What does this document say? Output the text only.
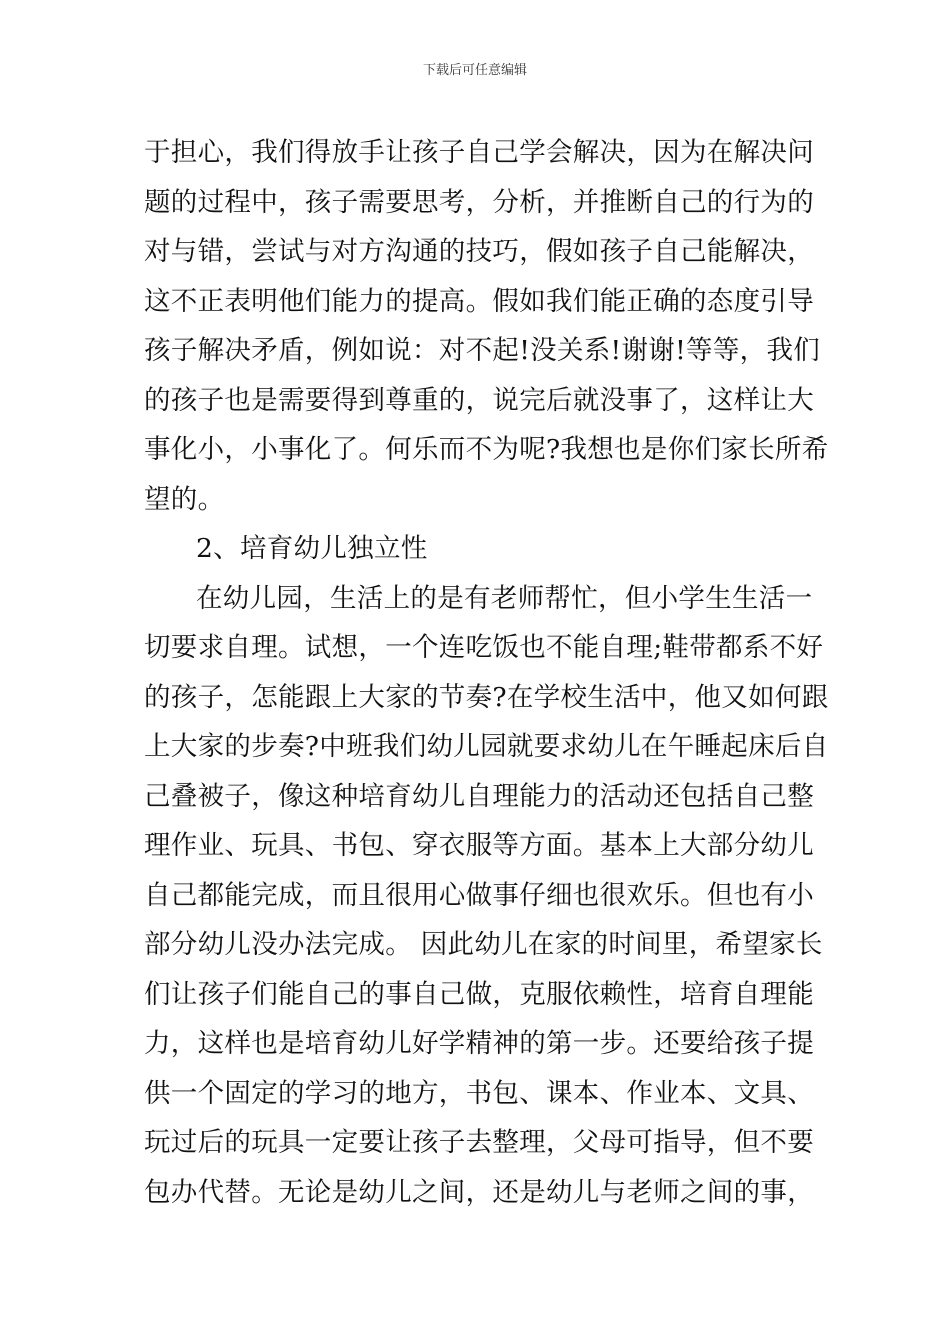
下载后可任意编辑
于担心，我们得放手让孩子自己学会解决，因为在解决问
题的过程中，孩子需要思考，分析，并推断自己的行为的
对与错，尝试与对方沟通的技巧，假如孩子自己能解决，
这不正表明他们能力的提高。假如我们能正确的态度引导
孩子解决矛盾，例如说：对不起!没关系!谢谢!等等，我们
的孩子也是需要得到尊重的，说完后就没事了，这样让大
事化小，小事化了。何乐而不为呢?我想也是你们家长所希
望的。
2、培育幼儿独立性
在幼儿园，生活上的是有老师帮忙，但小学生生活一
切要求自理。试想，一个连吃饭也不能自理;鞋带都系不好
的孩子，怎能跟上大家的节奏?在学校生活中，他又如何跟
上大家的步奏?中班我们幼儿园就要求幼儿在午睡起床后自
己叠被子，像这种培育幼儿自理能力的活动还包括自己整
理作业、玩具、书包、穿衣服等方面。基本上大部分幼儿
自己都能完成，而且很用心做事仔细也很欢乐。但也有小
部分幼儿没办法完成。 因此幼儿在家的时间里，希望家长
们让孩子们能自己的事自己做，克服依赖性，培育自理能
力，这样也是培育幼儿好学精神的第一步。还要给孩子提
供一个固定的学习的地方，书包、课本、作业本、文具、
玩过后的玩具一定要让孩子去整理，父母可指导，但不要
包办代替。无论是幼儿之间，还是幼儿与老师之间的事，
